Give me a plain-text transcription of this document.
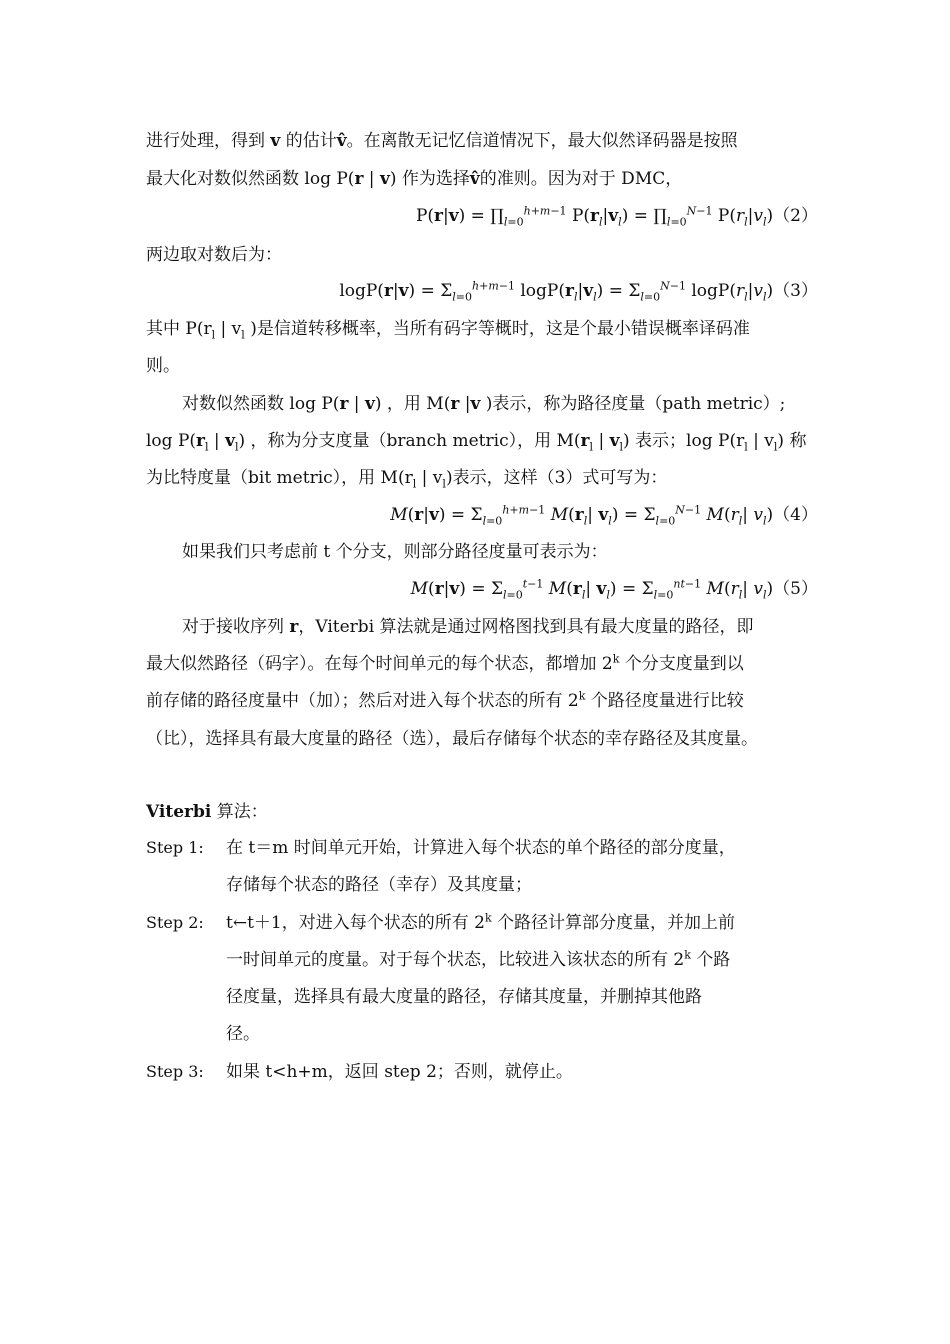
进行处理，得到 v 的估计v̂。在离散无记忆信道情况下，最大似然译码器是按照
最大化对数似然函数 log P(r | v) 作为选择v̂的准则。因为对于 DMC，
$P(r|v) = \prod_{l=0}^{h+m-1}$ $P(r_l|v_l)$ = $\prod_{l=0}^{N-1}$ $P(r_l|v_l)(2)$
两边取对数后为：
$\log P(r|v) = \Sigma_{l=0}^{h+m-1}$ $\log P(r_l|v_l) = \Sigma_{l=0}^{N-1}$ $\log P(r_l|v_l)(3)$
其中 $P(r_l$ | $v_l$ )是信道转移概率，当所有码字等概时，这是个最小错误概率译码准
则。
对数似然函数 log P(r | v) ，用 M(r |v )表示，称为路径度量（path metric）;
$\log P(r_l$ | $v_l$) ，称为分支度量（branch metric），用 $M(r_l$ | $v_l$) 表示；$\log P(r_l$ | $v_l$) 称
为比特度量（bit metric），用 $M(r_l$ | $v_l$)表示，这样（3）式可写为：
$M(r|v) = \Sigma_{l=0}^{h+m-1}$ $M(r_l|$ $v_l) = \Sigma_{l=0}^{N-1}$ $M(r_l|$ $v_l)(4)$
如果我们只考虑前 t 个分支，则部分路径度量可表示为：
$M(r|v) = \Sigma_{l=0}^{t-1}$ $M(r_l|$ $v_l) = \Sigma_{l=0}^{nt-1}$ $M(r_l|$ $v_l)(5)$
对于接收序列 r，Viterbi 算法就是通过网格图找到具有最大度量的路径，即
最大似然路径（码字）。在每个时间单元的每个状态，都增加 2$^k$ 个分支度量到以
前存储的路径度量中（加）；然后对进入每个状态的所有 2$^k$ 个路径度量进行比较
（比），选择具有最大度量的路径（选），最后存储每个状态的幸存路径及其度量。
Viterbi 算法：
Step 1: 在 t＝m 时间单元开始，计算进入每个状态的单个路径的部分度量，
存储每个状态的路径（幸存）及其度量；
Step 2: t←t＋1，对进入每个状态的所有 2$^k$ 个路径计算部分度量，并加上前
一时间单元的度量。对于每个状态，比较进入该状态的所有 2$^k$ 个路
径度量，选择具有最大度量的路径，存储其度量，并删掉其他路
径。
Step 3: 如果 t<h+m，返回 step 2；否则，就停止。
